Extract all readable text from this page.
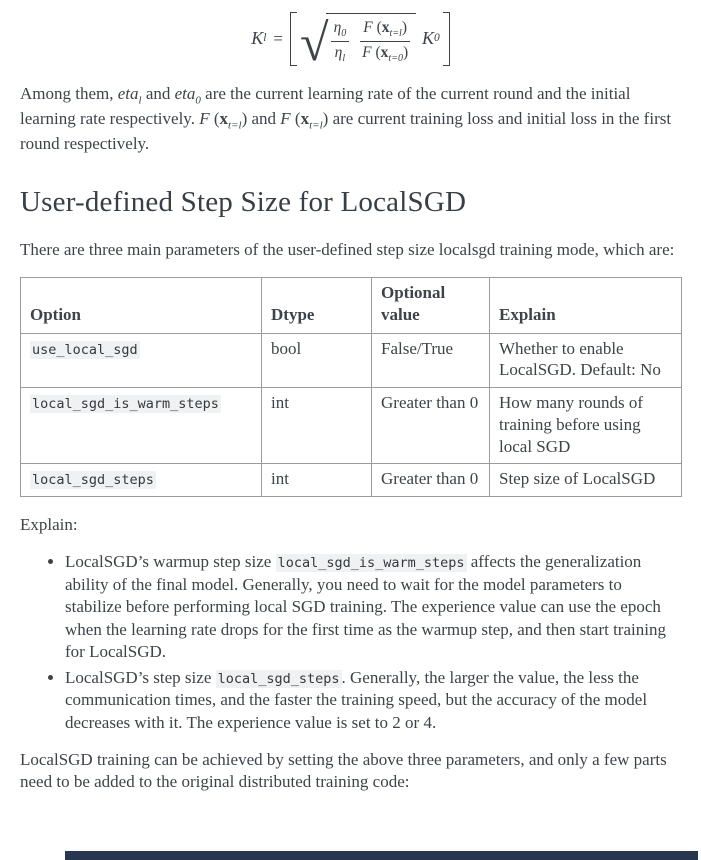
K l = √ $\frac{\eta_0}{\eta_l} \frac{F (x_{t=l})}{F (x_{t=0})}$ K 0

Among them, eta$_l$ and eta$_0$ are the current learning rate of the current round and the initial learning rate respectively. F $(x_{t=l})$ and F $(x_{t=l})$ are current training loss and initial loss in the first round respectively.

User-defined Step Size for LocalSGD

There are three main parameters of the user-defined step size localsgd training mode, which are:

Option	Dtype	Optional value	Explain
use_local_sgd	bool	False/True	Whether to enable LocalSGD. Default: No
local_sgd_is_warm_steps	int	Greater than 0	How many rounds of training before using local SGD
local_sgd_steps	int	Greater than 0	Step size of LocalSGD

Explain:

• LocalSGD’s warmup step size local_sgd_is_warm_steps affects the generalization ability of the final model. Generally, you need to wait for the model parameters to stabilize before performing local SGD training. The experience value can use the epoch when the learning rate drops for the first time as the warmup step, and then start training for LocalSGD.
• LocalSGD’s step size local_sgd_steps . Generally, the larger the value, the less the communication times, and the faster the training speed, but the accuracy of the model decreases with it. The experience value is set to 2 or 4.

LocalSGD training can be achieved by setting the above three parameters, and only a few parts need to be added to the original distributed training code:
